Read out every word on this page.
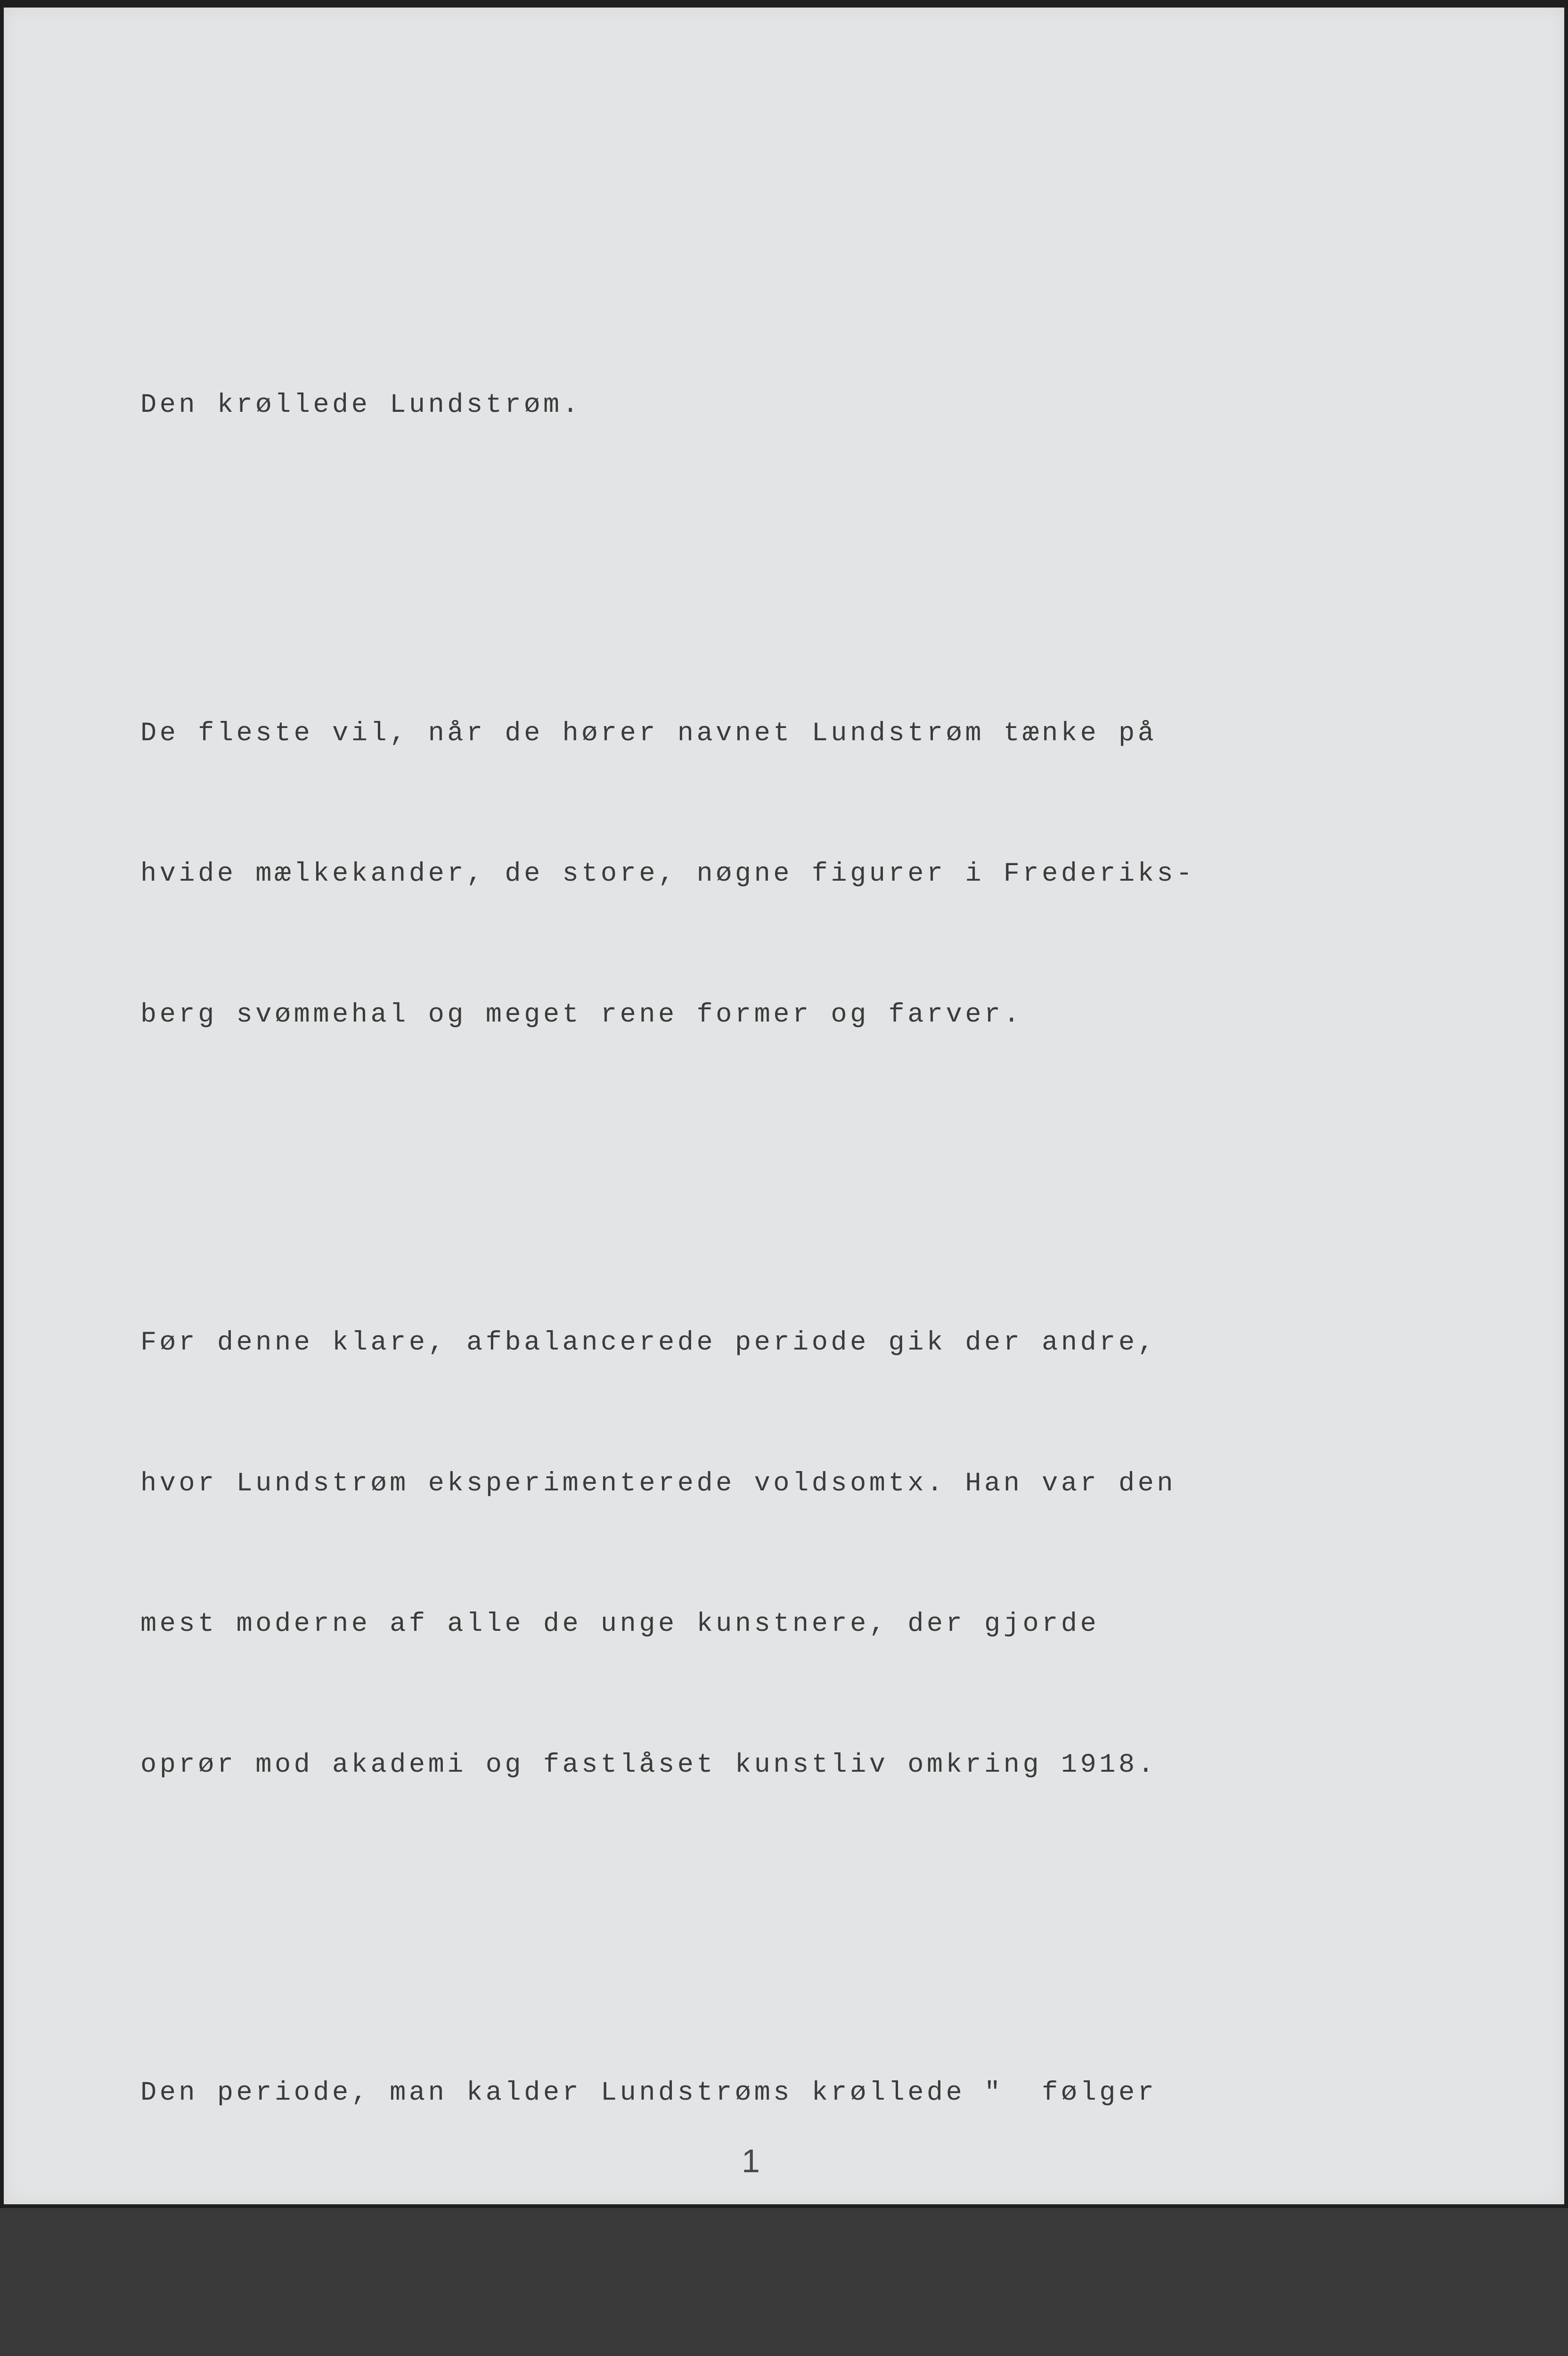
Den krøllede Lundstrøm.

De fleste vil, når de hører navnet Lundstrøm tænke på

hvide mælkekander, de store, nøgne figurer i Frederiks-

berg svømmehal og meget rene former og farver.

Før denne klare, afbalancerede periode gik der andre,

hvor Lundstrøm eksperimenterede voldsomtx. Han var den

mest moderne af alle de unge kunstnere, der gjorde

oprør mod akademi og fastlåset kunstliv omkring 1918.

Den periode, man kalder Lundstrøms krøllede "  følger

lige efter hans Picasso-inspirerede kubistiske billeder.

1
